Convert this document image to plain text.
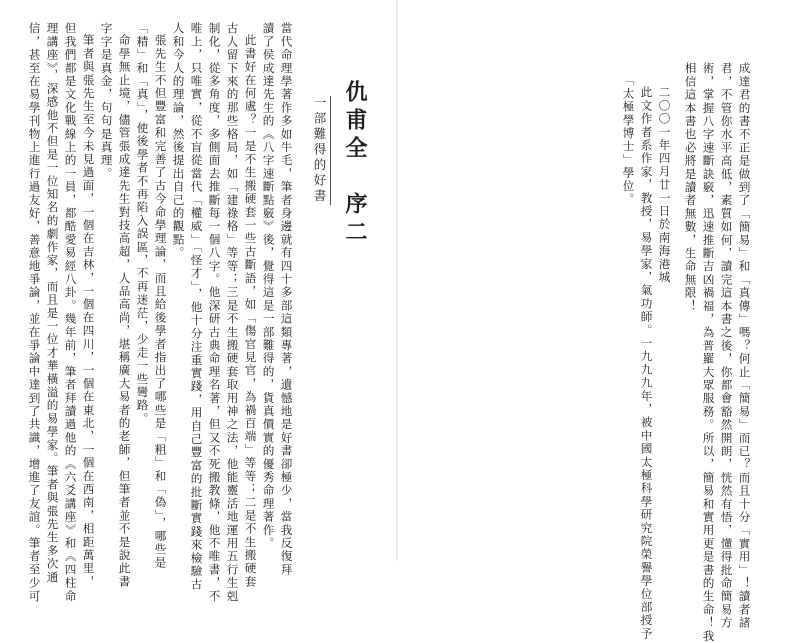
仇甫全　序二
一部難得的好書
當代命理學著作多如牛毛，筆者身邊就有四十多部這類專著，遺憾地是好書卻極少，當我反復拜
讀了侯成達先生的《八字速斷點竅》後，覺得這是一部難得的，貨真價實的優秀命理著作。
此書好在何處？一是不生搬硬套一些古斷語，如「傷官見官，為禍百端」等等；二是不生搬硬套
古人留下來的那些格局，如「建祿格」等等；三是不生搬硬套取用神之法，他能靈活地運用五行生剋
制化，從多角度，多側面去推斷每一個八字。他深研古典命理名著，但又不死搬教條，他不唯書，不
唯上，只唯實，從不盲從當代「權威」「怪才」，他十分注重實踐，用自己豐富的批斷實踐來檢驗古
人和今人的理論，然後提出自己的觀點。
張先生不但豐富和完善了古今命學理論，而且給後學者指出了哪些是「粗」和「偽」，哪些是
「精」和「真」，使後學者不再陷入誤區，不再迷茫，少走一些彎路。
命學無止境，儘管張成達先生對技高超，人品高尚，堪稱廣大易者的老師，但筆者並不是說此書
字字是真金，句句是真理。
筆者與張先生至今未見過面，一個在吉林，一個在四川，一個在東北，一個在西南，相距萬里，
但我們都是文化戰線上的一員，都酷愛易經八卦。幾年前，筆者拜讀過他的《六爻講座》和《四柱命
理講座》，深感他不但是一位知名的劇作家，而且是一位才華橫溢的易學家。筆者與張先生多次通
信，甚至在易學刊物上進行過友好，善意地爭論，並在爭論中達到了共識，增進了友誼。筆者至少可	成達君的書不正是做到了「簡易」和「真傳」嗎？何止「簡易」而已？而且十分「實用」！讀者諸
君，不管你水平高低，素質如何，讀完這本書之後，你都會豁然開朗，恍然有悟，懂得批命簡易方
術，掌握八字速斷訣竅，迅速推斷吉凶禍福，為普羅大眾服務。所以，簡易和實用更是書的生命！我
相信這本書也必將是讀者無數，生命無限！
二〇〇一年四月廿一日於南海港城
此文作者系作家，教授，易學家，氣功師。一九九九年，被中國太極科學研究院榮譽學位部授予
「太極學博士」學位。
